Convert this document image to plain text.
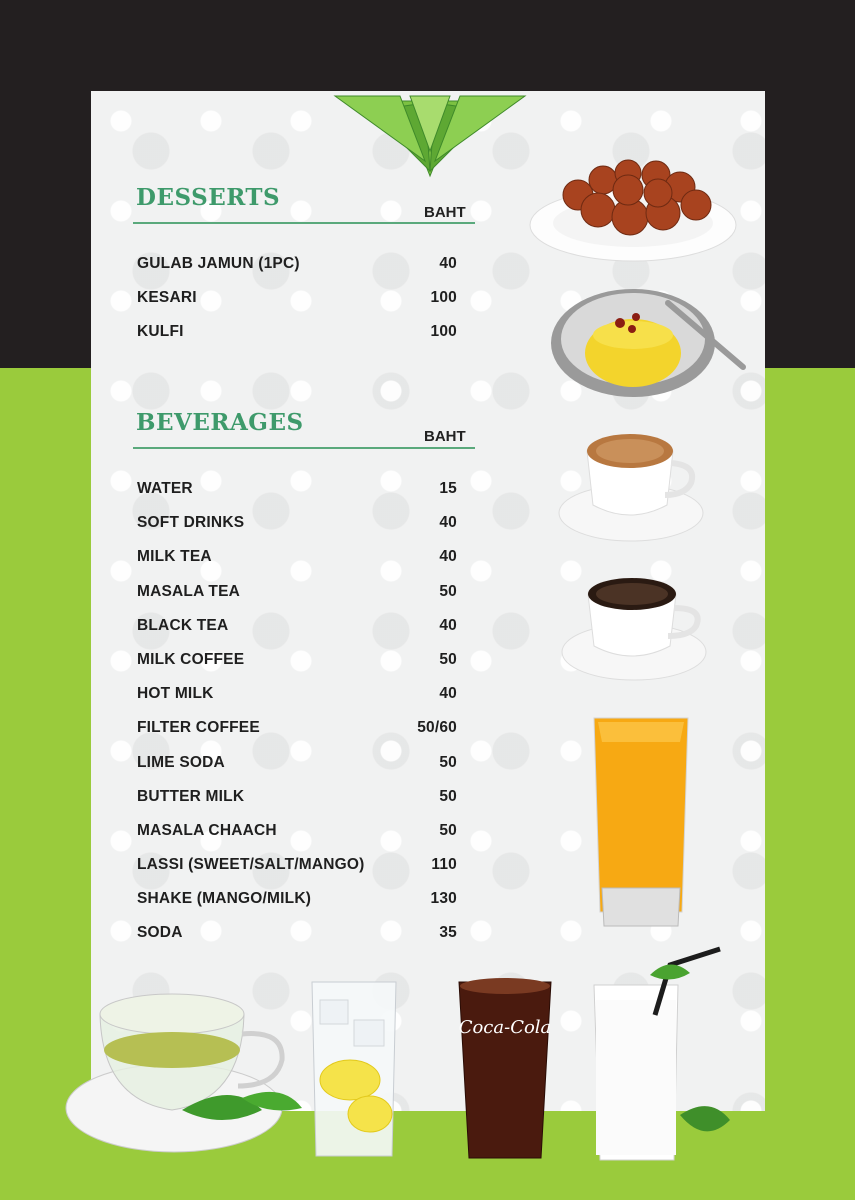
DESSERTS
BAHT
GULAB JAMUN (1PC)	40
KESARI	100
KULFI	100
BEVERAGES
BAHT
WATER	15
SOFT DRINKS	40
MILK TEA	40
MASALA TEA	50
BLACK TEA	40
MILK COFFEE	50
HOT MILK	40
FILTER COFFEE	50/60
LIME SODA	50
BUTTER MILK	50
MASALA CHAACH	50
LASSI (SWEET/SALT/MANGO)	110
SHAKE (MANGO/MILK)	130
SODA	35
Coca-Cola
